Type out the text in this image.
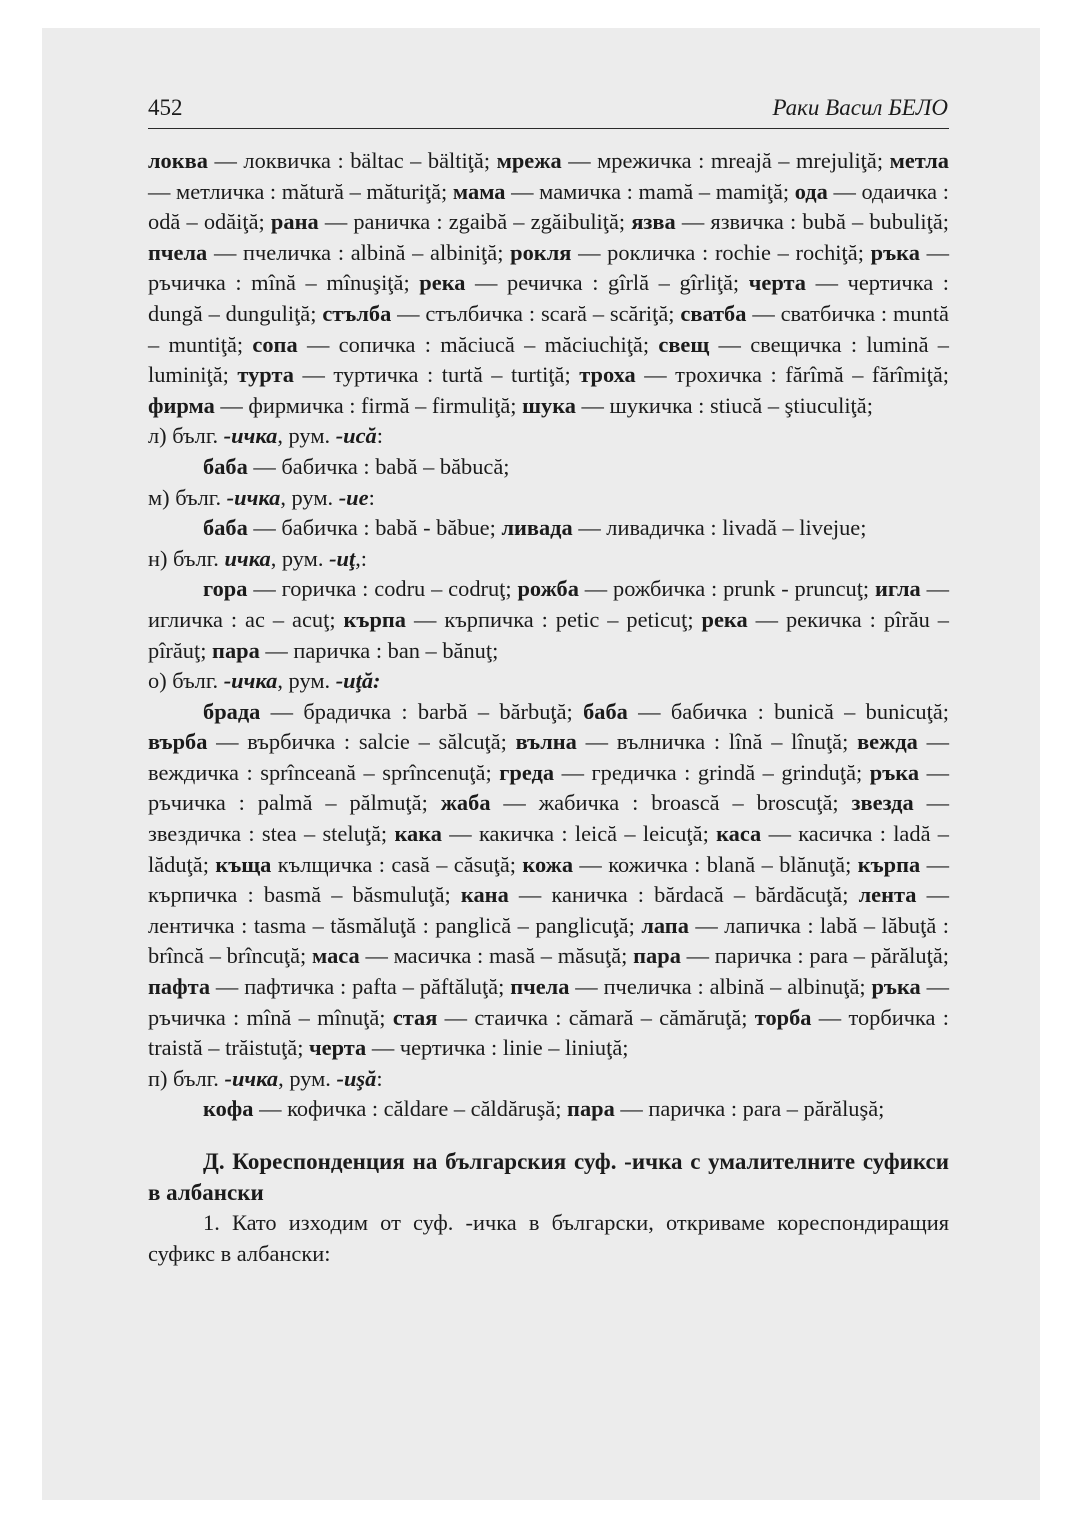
452	Раки Васил БЕЛО

локва — локвичка : bältac – bältiţă; мрежа — мрежичка : mreajă – mrejuliţă; метла — метличка : mătură – măturiţă; мама — мамичка : mamă – mamiţă; ода — одаичка : odă – odăiţă; рана — раничка : zgaibă – zgăibuliţă; язва — язвичка : bubă – bubuliţă; пчела — пчеличка : albină – albiniţă; рокля — рокличка : rochie – rochiţă; ръка — ръчичка : mînă – mînuşiţă; река — речичка : gîrlă – gîrliţă; черта — чертичка : dungă – dunguliţă; стълба — стълбичка : scară – scăriţă; сватба — сватбичка : muntă – muntiţă; сопа — сопичка : măciucă – măciuchiţă; свещ — свещичка : lumină – luminiţă; турта — туртичка : turtă – turtiţă; троха — трохичка : fărîmă – fărîmiţă; фирма — фирмичка : firmă – firmuliţă; шука — шукичка : stiucă – ştiuculiţă;

л) бълг. -ичка, рум. -ucă:

баба — бабичка : babă – băbucă;

м) бълг. -ичка, рум. -ue:

баба — бабичка : babă - băbue; ливада — ливадичка : livadă – livejue;

н) бълг. ичка, рум. -uţ,:

гора — горичка : codru – codruţ; рожба — рожбичка : prunk - pruncuţ; игла — игличка : ac – acuţ; кърпа — кърпичка : petic – peticuţ; река — рекичка : pîrău – pîrăuţ; пара — паричка : ban – bănuţ;

о) бълг. -ичка, рум. -uţă:

брада — брадичка : barbă – bărbuţă; баба — бабичка : bunică – bunicuţă; върба — върбичка : salcie – sălcuţă; вълна — вълничка : lînă – lînuţă; вежда — веждичка : sprînceană – sprîncenuţă; греда — гредичка : grindă – grinduţă; ръка — ръчичка : palmă – pălmuţă; жаба — жабичка : broască – broscuţă; звезда — звездичка : stea – steluţă; кака — какичка : leică – leicuţă; каса — касичка : ladă – lăduţă; къща кълщичка : casă – căsuţă; кожа — кожичка : blană – blănuţă; кърпа — кърпичка : basmă – băsmuluţă; кана — каничка : bărdacă – bărdăcuţă; лента — лентичка : tasma – tăsmăluţă : panglică – panglicuţă; лапа — лапичка : labă – lăbuţă : brîncă – brîncuţă; маса — масичка : masă – măsuţă; пара — паричка : para – părăluţă; пафта — пафтичка : pafta – păftăluţă; пчела — пчеличка : albină – albinuţă; ръка — ръчичка : mînă – mînuţă; стая — стаичка : cămară – cămăruţă; торба — торбичка : traistă – trăistuţă; черта — чертичка : linie – liniuţă;

п) бълг. -ичка, рум. -uşă:

кофа — кофичка : căldare – căldăruşă; пара — паричка : para – părăluşă;

Д. Кореспонденция на българския суф. -ичка с умалителните суфикси в албански

1. Като изходим от суф. -ичка в български, откриваме кореспондиращия суфикс в албански:
